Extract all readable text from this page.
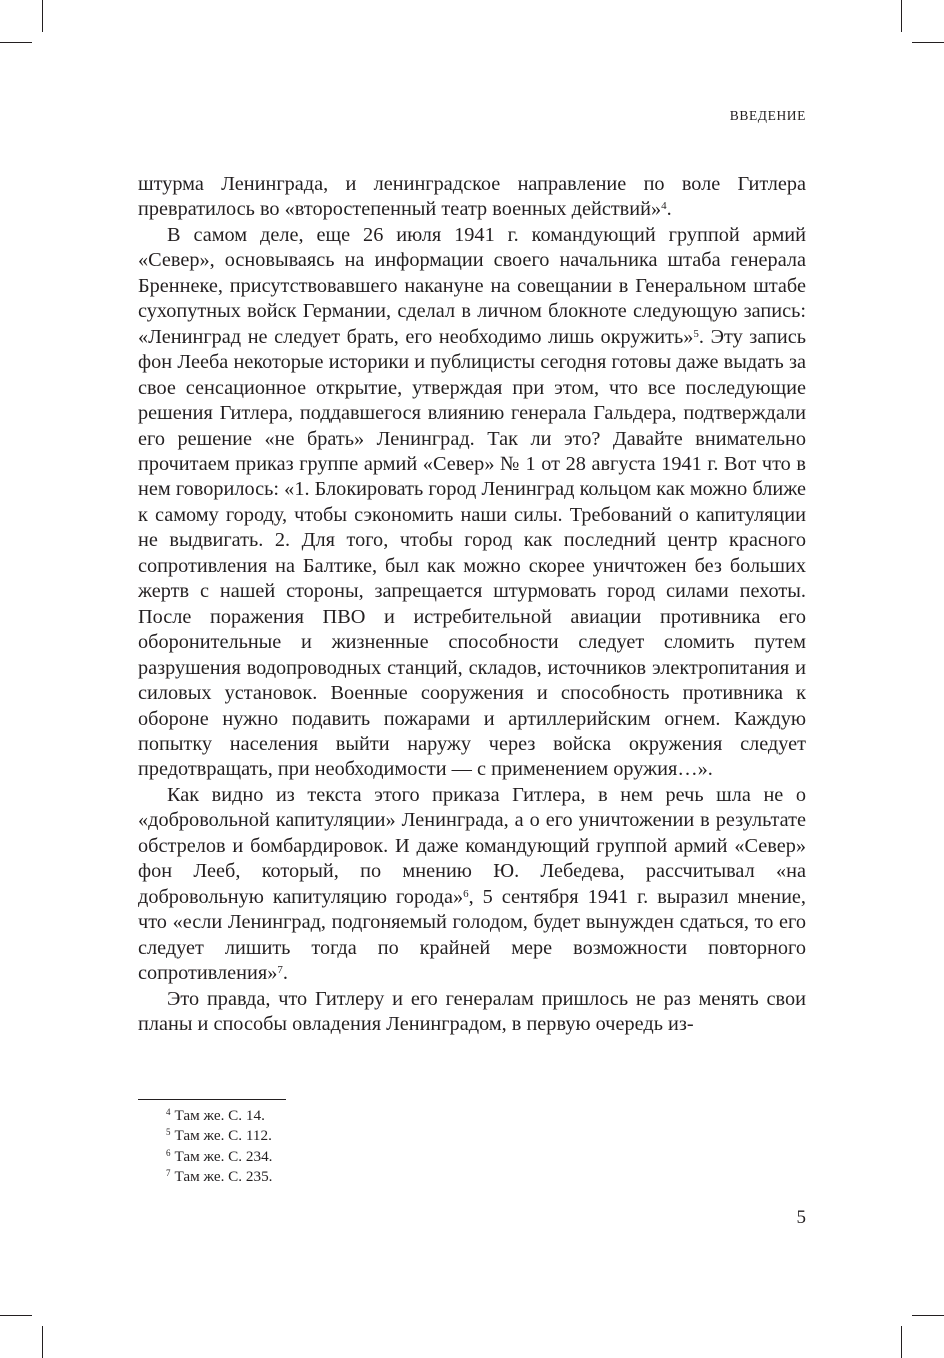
ВВЕДЕНИЕ

штурма Ленинграда, и ленинградское направление по воле Гитлера превратилось во «второстепенный театр военных действий»$^4$.

В самом деле, еще 26 июля 1941 г. командующий группой армий «Север», основываясь на информации своего начальника штаба генерала Бреннеке, присутствовавшего накануне на совещании в Генеральном штабе сухопутных войск Германии, сделал в личном блокноте следующую запись: «Ленинград не следует брать, его необходимо лишь окружить»$^5$. Эту запись фон Лееба некоторые историки и публицисты сегодня готовы даже выдать за свое сенсационное открытие, утверждая при этом, что все последующие решения Гитлера, поддавшегося влиянию генерала Гальдера, подтверждали его решение «не брать» Ленинград. Так ли это? Давайте внимательно прочитаем приказ группе армий «Север» № 1 от 28 августа 1941 г. Вот что в нем говорилось: «1. Блокировать город Ленинград кольцом как можно ближе к самому городу, чтобы сэкономить наши силы. Требований о капитуляции не выдвигать. 2. Для того, чтобы город как последний центр красного сопротивления на Балтике, был как можно скорее уничтожен без больших жертв с нашей стороны, запрещается штурмовать город силами пехоты. После поражения ПВО и истребительной авиации противника его оборонительные и жизненные способности следует сломить путем разрушения водопроводных станций, складов, источников электропитания и силовых установок. Военные сооружения и способность противника к обороне нужно подавить пожарами и артиллерийским огнем. Каждую попытку населения выйти наружу через войска окружения следует предотвращать, при необходимости — с применением оружия…».

Как видно из текста этого приказа Гитлера, в нем речь шла не о «добровольной капитуляции» Ленинграда, а о его уничтожении в результате обстрелов и бомбардировок. И даже командующий группой армий «Север» фон Лееб, который, по мнению Ю. Лебедева, рассчитывал «на добровольную капитуляцию города»$^6$, 5 сентября 1941 г. выразил мнение, что «если Ленинград, подгоняемый голодом, будет вынужден сдаться, то его следует лишить тогда по крайней мере возможности повторного сопротивления»$^7$.

Это правда, что Гитлеру и его генералам пришлось не раз менять свои планы и способы овладения Ленинградом, в первую очередь из-

$^4$ Там же. С. 14.
$^5$ Там же. С. 112.
$^6$ Там же. С. 234.
$^7$ Там же. С. 235.
5
